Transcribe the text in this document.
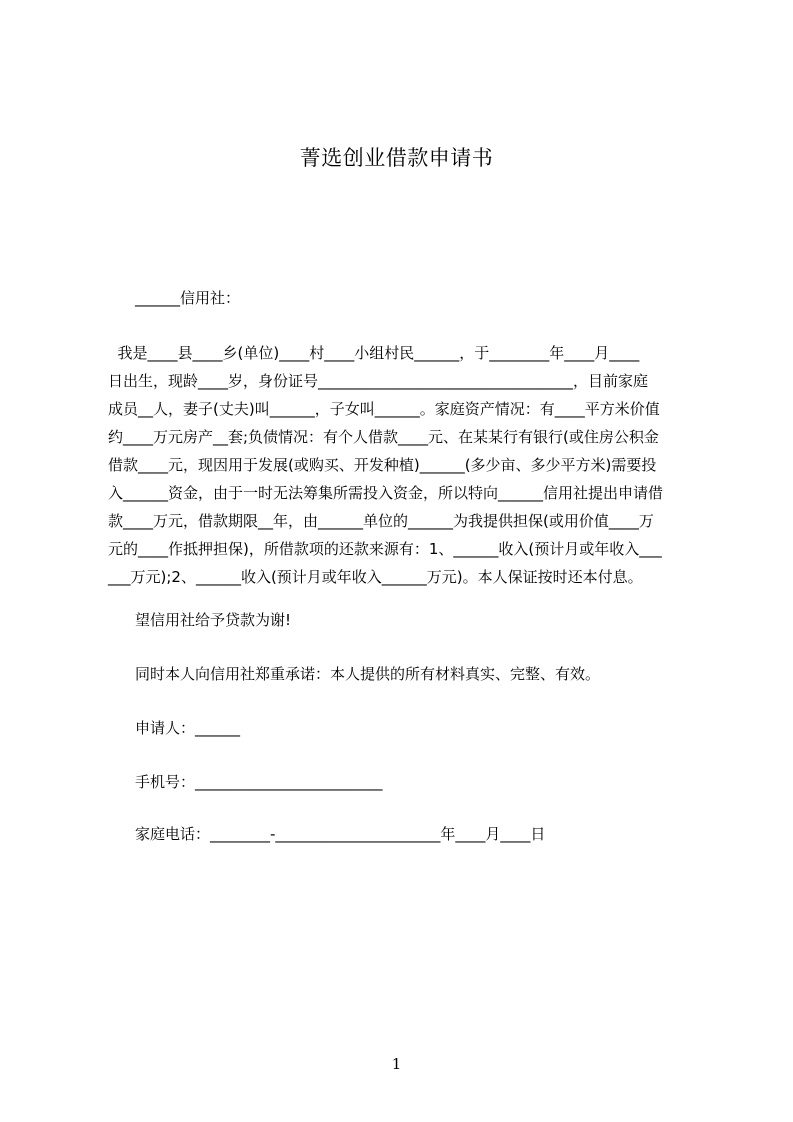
菁选创业借款申请书
______信用社：
我是____县____乡(单位)____村____小组村民______，于________年____月____
日出生，现龄____岁，身份证号__________________________________，目前家庭
成员__人，妻子(丈夫)叫______，子女叫______。家庭资产情况：有____平方米价值
约____万元房产__套;负债情况：有个人借款____元、在某某行有银行(或住房公积金
借款____元，现因用于发展(或购买、开发种植)______(多少亩、多少平方米)需要投
入______资金，由于一时无法筹集所需投入资金，所以特向______信用社提出申请借
款____万元，借款期限__年，由______单位的______为我提供担保(或用价值____万
元的____作抵押担保)，所借款项的还款来源有：1、______收入(预计月或年收入___
___万元);2、______收入(预计月或年收入______万元)。本人保证按时还本付息。
望信用社给予贷款为谢!
同时本人向信用社郑重承诺：本人提供的所有材料真实、完整、有效。
申请人：______
手机号：_________________________
家庭电话：________-______________________年____月____日
1
